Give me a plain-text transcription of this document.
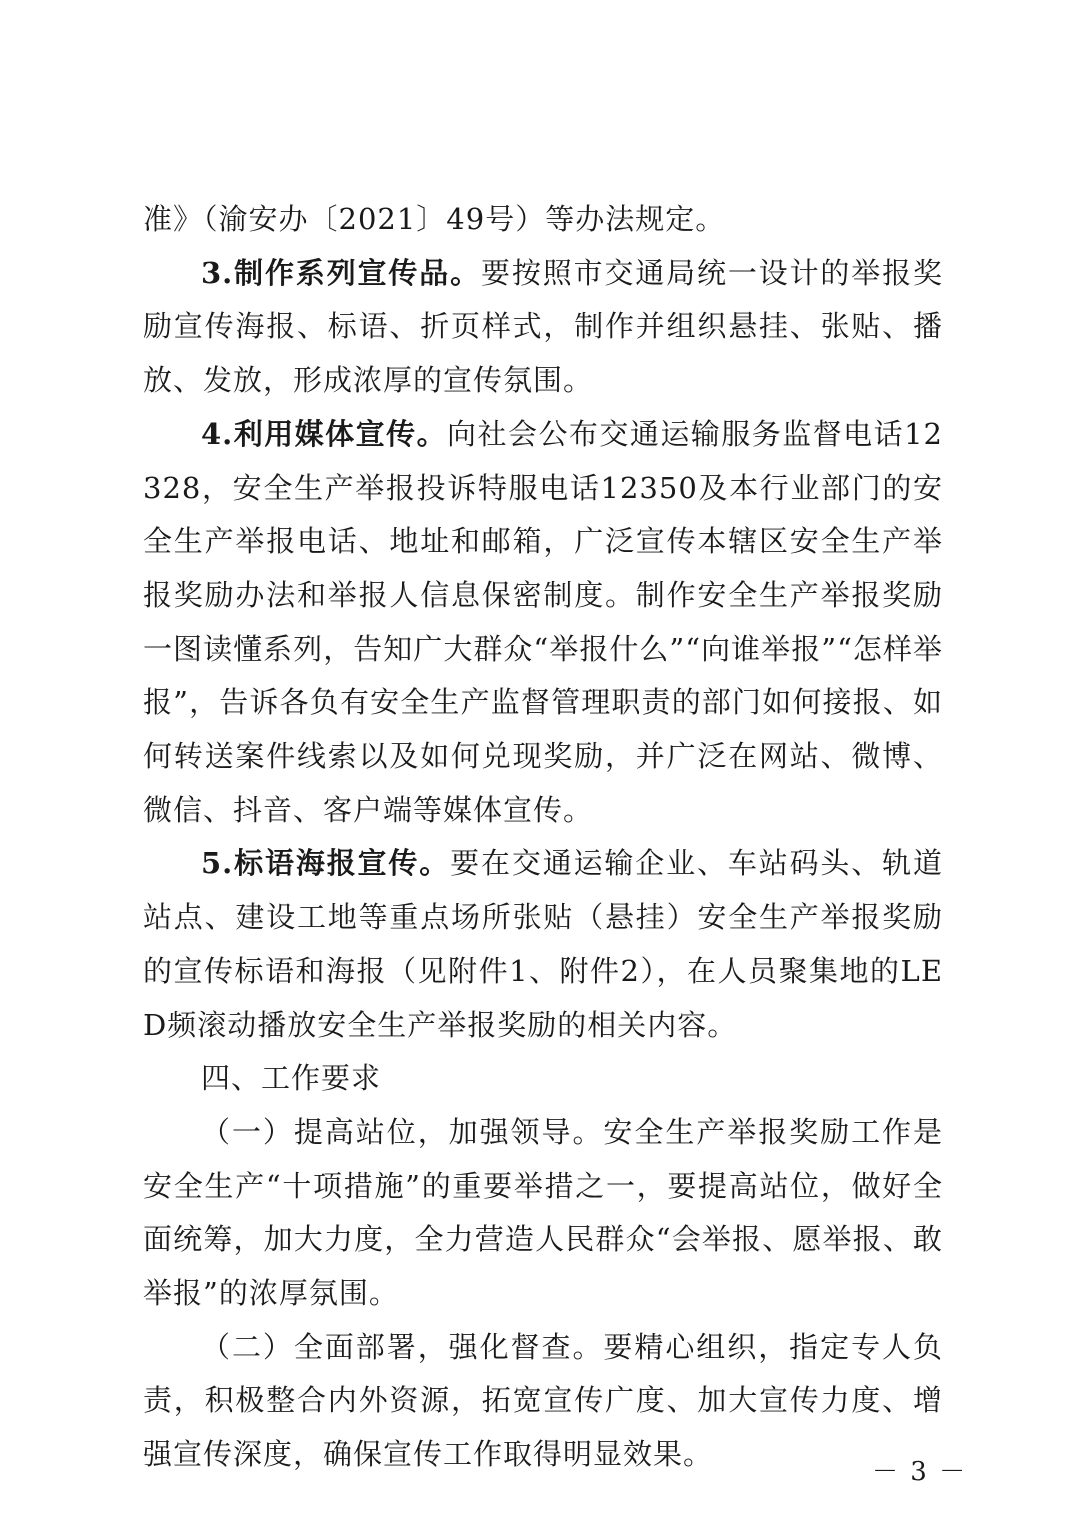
准》（渝安办〔2021〕49号）等办法规定。

3.制作系列宣传品。要按照市交通局统一设计的举报奖励宣传海报、标语、折页样式，制作并组织悬挂、张贴、播放、发放，形成浓厚的宣传氛围。

4.利用媒体宣传。向社会公布交通运输服务监督电话12328，安全生产举报投诉特服电话12350及本行业部门的安全生产举报电话、地址和邮箱，广泛宣传本辖区安全生产举报奖励办法和举报人信息保密制度。制作安全生产举报奖励一图读懂系列，告知广大群众“举报什么”“向谁举报”“怎样举报”，告诉各负有安全生产监督管理职责的部门如何接报、如何转送案件线索以及如何兑现奖励，并广泛在网站、微博、微信、抖音、客户端等媒体宣传。

5.标语海报宣传。要在交通运输企业、车站码头、轨道站点、建设工地等重点场所张贴（悬挂）安全生产举报奖励的宣传标语和海报（见附件1、附件2），在人员聚集地的LED频滚动播放安全生产举报奖励的相关内容。

四、工作要求

（一）提高站位，加强领导。安全生产举报奖励工作是安全生产“十项措施”的重要举措之一，要提高站位，做好全面统筹，加大力度，全力营造人民群众“会举报、愿举报、敢举报”的浓厚氛围。

（二）全面部署，强化督查。要精心组织，指定专人负责，积极整合内外资源，拓宽宣传广度、加大宣传力度、增强宣传深度，确保宣传工作取得明显效果。

－ 3 －
